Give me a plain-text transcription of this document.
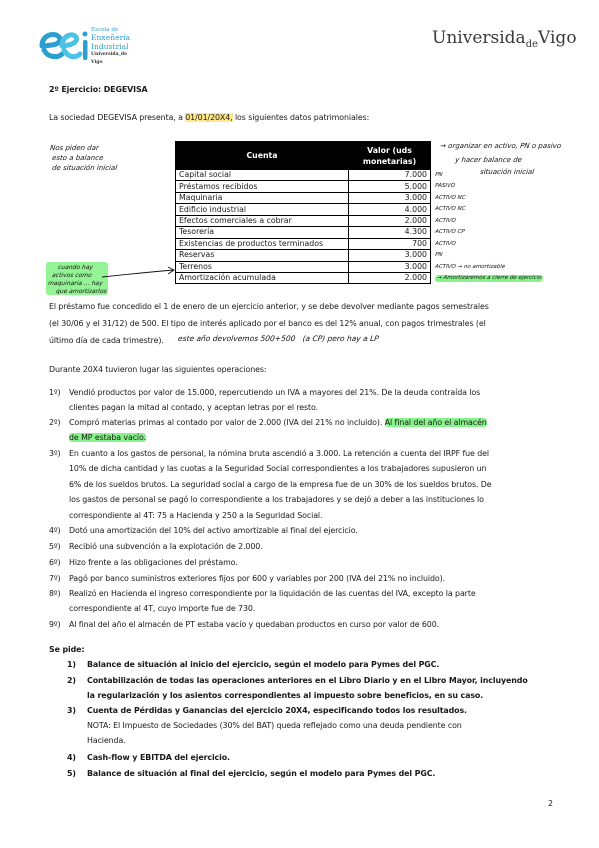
Escola de
Enxeñería
Industrial
Universida_de Vigo
Universida$_{de}$Vigo
2º Ejercicio: DEGEVISA
La sociedad DEGEVISA presenta, a 01/01/20X4, los siguientes datos patrimoniales:
Nos piden dar
esto a balance
de situación inicial
→ organizar en activo, PN o pasivo
y hacer balance de
situación inicial
Cuenta	Valor (uds
monetarias)
Capital social	7.000
Préstamos recibidos	5.000
Maquinaria	3.000
Edificio industrial	4.000
Efectos comerciales a cobrar	2.000
Tesorería	4.300
Existencias de productos terminados	700
Reservas	3.000
Terrenos	3.000
Amortización acumulada	2.000
PN
PASIVO
ACTIVO NC
ACTIVO NC
ACTIVO
ACTIVO CP
ACTIVO
PN
ACTIVO → no amortizable
→ Amortizaremos a cierre de ejercicio
cuando hay
activos como
maquinaria ... hay
que amortizarlos
El préstamo fue concedido el 1 de enero de un ejercicio anterior, y se debe devolver mediante pagos semestrales
(el 30/06 y el 31/12) de 500. El tipo de interés aplicado por el banco es del 12% anual, con pagos trimestrales (el
último día de cada trimestre). este año devolvemos 500+500 (a CP) pero hay a LP
Durante 20X4 tuvieron lugar las siguientes operaciones:
1º) Vendió productos por valor de 15.000, repercutiendo un IVA a mayores del 21%. De la deuda contraída los
clientes pagan la mitad al contado, y aceptan letras por el resto.
2º) Compró materias primas al contado por valor de 2.000 (IVA del 21% no incluido). Al final del año el almacén
de MP estaba vacío.
3º) En cuanto a los gastos de personal, la nómina bruta ascendió a 3.000. La retención a cuenta del IRPF fue del
10% de dicha cantidad y las cuotas a la Seguridad Social correspondientes a los trabajadores supusieron un
6% de los sueldos brutos. La seguridad social a cargo de la empresa fue de un 30% de los sueldos brutos. De
los gastos de personal se pagó lo correspondiente a los trabajadores y se dejó a deber a las instituciones lo
correspondiente al 4T: 75 a Hacienda y 250 a la Seguridad Social.
4º) Dotó una amortización del 10% del activo amortizable al final del ejercicio.
5º) Recibió una subvención a la explotación de 2.000.
6º) Hizo frente a las obligaciones del préstamo.
7º) Pagó por banco suministros exteriores fijos por 600 y variables por 200 (IVA del 21% no incluido).
8º) Realizó en Hacienda el ingreso correspondiente por la liquidación de las cuentas del IVA, excepto la parte
correspondiente al 4T, cuyo importe fue de 730.
9º) Al final del año el almacén de PT estaba vacío y quedaban productos en curso por valor de 600.
Se pide:
1) Balance de situación al inicio del ejercicio, según el modelo para Pymes del PGC.
2) Contabilización de todas las operaciones anteriores en el Libro Diario y en el Libro Mayor, incluyendo
la regularización y los asientos correspondientes al impuesto sobre beneficios, en su caso.
3) Cuenta de Pérdidas y Ganancias del ejercicio 20X4, especificando todos los resultados.
NOTA: El Impuesto de Sociedades (30% del BAT) queda reflejado como una deuda pendiente con
Hacienda.
4) Cash-flow y EBITDA del ejercicio.
5) Balance de situación al final del ejercicio, según el modelo para Pymes del PGC.
2
